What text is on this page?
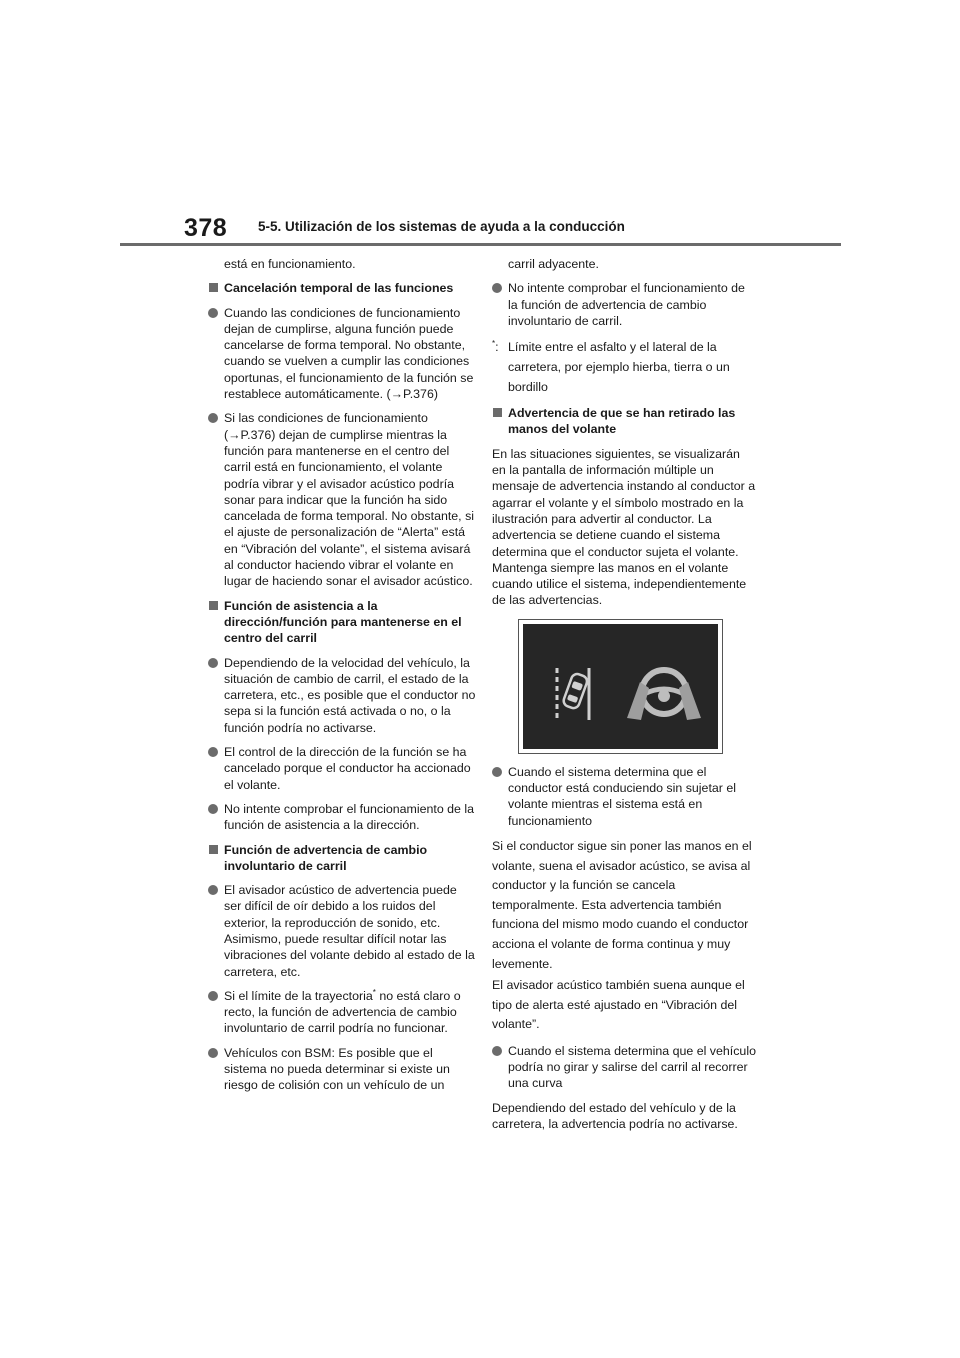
378 5-5. Utilización de los sistemas de ayuda a la conducción

está en funcionamiento.

Cancelación temporal de las funciones
Cuando las condiciones de funcionamiento dejan de cumplirse, alguna función puede cancelarse de forma temporal. No obstante, cuando se vuelven a cumplir las condiciones oportunas, el funcionamiento de la función se restablece automáticamente. (→P.376)
Si las condiciones de funcionamiento (→P.376) dejan de cumplirse mientras la función para mantenerse en el centro del carril está en funcionamiento, el volante podría vibrar y el avisador acústico podría sonar para indicar que la función ha sido cancelada de forma temporal. No obstante, si el ajuste de personalización de “Alerta” está en “Vibración del volante”, el sistema avisará al conductor haciendo vibrar el volante en lugar de haciendo sonar el avisador acústico.
Función de asistencia a la dirección/función para mantenerse en el centro del carril
Dependiendo de la velocidad del vehículo, la situación de cambio de carril, el estado de la carretera, etc., es posible que el conductor no sepa si la función está activada o no, o la función podría no activarse.
El control de la dirección de la función se ha cancelado porque el conductor ha accionado el volante.
No intente comprobar el funcionamiento de la función de asistencia a la dirección.
Función de advertencia de cambio involuntario de carril
El avisador acústico de advertencia puede ser difícil de oír debido a los ruidos del exterior, la reproducción de sonido, etc. Asimismo, puede resultar difícil notar las vibraciones del volante debido al estado de la carretera, etc.
Si el límite de la trayectoria* no está claro o recto, la función de advertencia de cambio involuntario de carril podría no funcionar.
Vehículos con BSM: Es posible que el sistema no pueda determinar si existe un riesgo de colisión con un vehículo de un

carril adyacente.

No intente comprobar el funcionamiento de la función de advertencia de cambio involuntario de carril.
*: Límite entre el asfalto y el lateral de la carretera, por ejemplo hierba, tierra o un bordillo
Advertencia de que se han retirado las manos del volante

En las situaciones siguientes, se visualizarán en la pantalla de información múltiple un mensaje de advertencia instando al conductor a agarrar el volante y el símbolo mostrado en la ilustración para advertir al conductor. La advertencia se detiene cuando el sistema determina que el conductor sujeta el volante. Mantenga siempre las manos en el volante cuando utilice el sistema, independientemente de las advertencias.

Cuando el sistema determina que el conductor está conduciendo sin sujetar el volante mientras el sistema está en funcionamiento

Si el conductor sigue sin poner las manos en el volante, suena el avisador acústico, se avisa al conductor y la función se cancela temporalmente. Esta advertencia también funciona del mismo modo cuando el conductor acciona el volante de forma continua y muy levemente.

El avisador acústico también suena aunque el tipo de alerta esté ajustado en “Vibración del volante”.

Cuando el sistema determina que el vehículo podría no girar y salirse del carril al recorrer una curva

Dependiendo del estado del vehículo y de la carretera, la advertencia podría no activarse.
